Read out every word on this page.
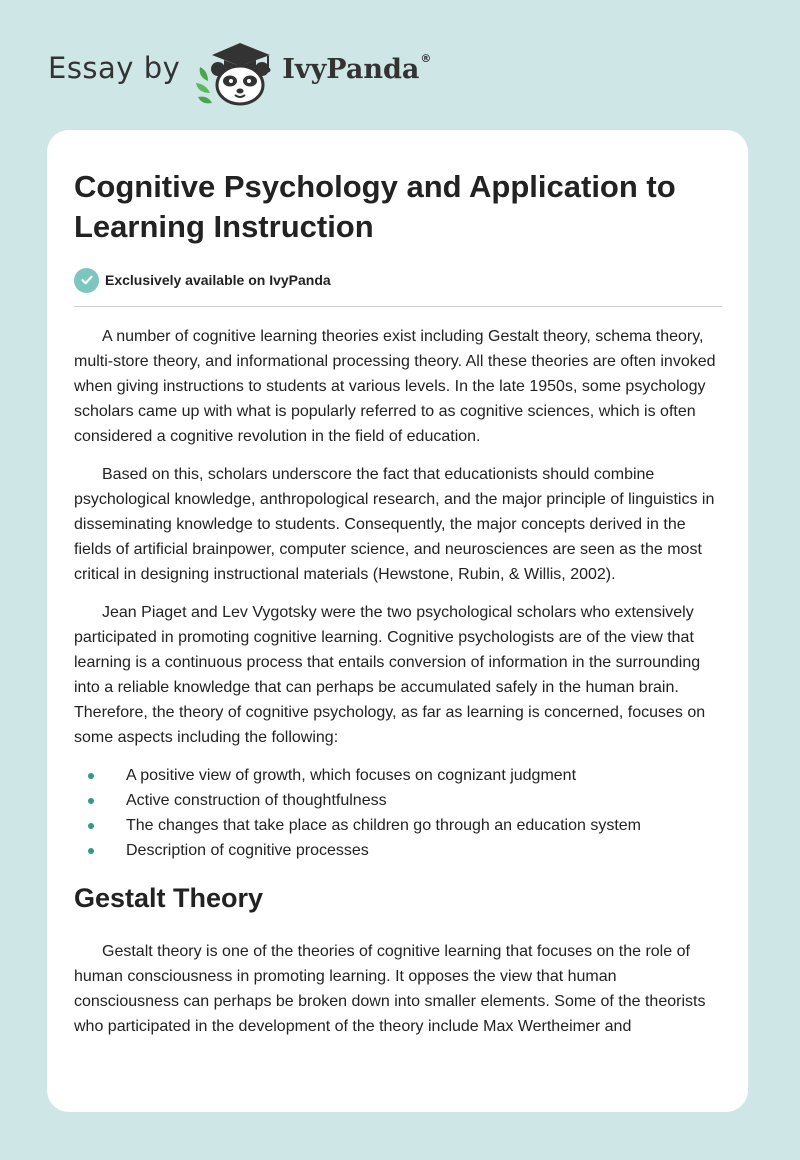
Essay by	IvyPanda®
Cognitive Psychology and Application to Learning Instruction
Exclusively available on IvyPanda

A number of cognitive learning theories exist including Gestalt theory, schema theory, multi-store theory, and informational processing theory. All these theories are often invoked when giving instructions to students at various levels. In the late 1950s, some psychology scholars came up with what is popularly referred to as cognitive sciences, which is often considered a cognitive revolution in the field of education.

Based on this, scholars underscore the fact that educationists should combine psychological knowledge, anthropological research, and the major principle of linguistics in disseminating knowledge to students. Consequently, the major concepts derived in the fields of artificial brainpower, computer science, and neurosciences are seen as the most critical in designing instructional materials (Hewstone, Rubin, & Willis, 2002).

Jean Piaget and Lev Vygotsky were the two psychological scholars who extensively participated in promoting cognitive learning. Cognitive psychologists are of the view that learning is a continuous process that entails conversion of information in the surrounding into a reliable knowledge that can perhaps be accumulated safely in the human brain. Therefore, the theory of cognitive psychology, as far as learning is concerned, focuses on some aspects including the following:

A positive view of growth, which focuses on cognizant judgment
Active construction of thoughtfulness
The changes that take place as children go through an education system
Description of cognitive processes
Gestalt Theory

Gestalt theory is one of the theories of cognitive learning that focuses on the role of human consciousness in promoting learning. It opposes the view that human consciousness can perhaps be broken down into smaller elements. Some of the theorists who participated in the development of the theory include Max Wertheimer and
